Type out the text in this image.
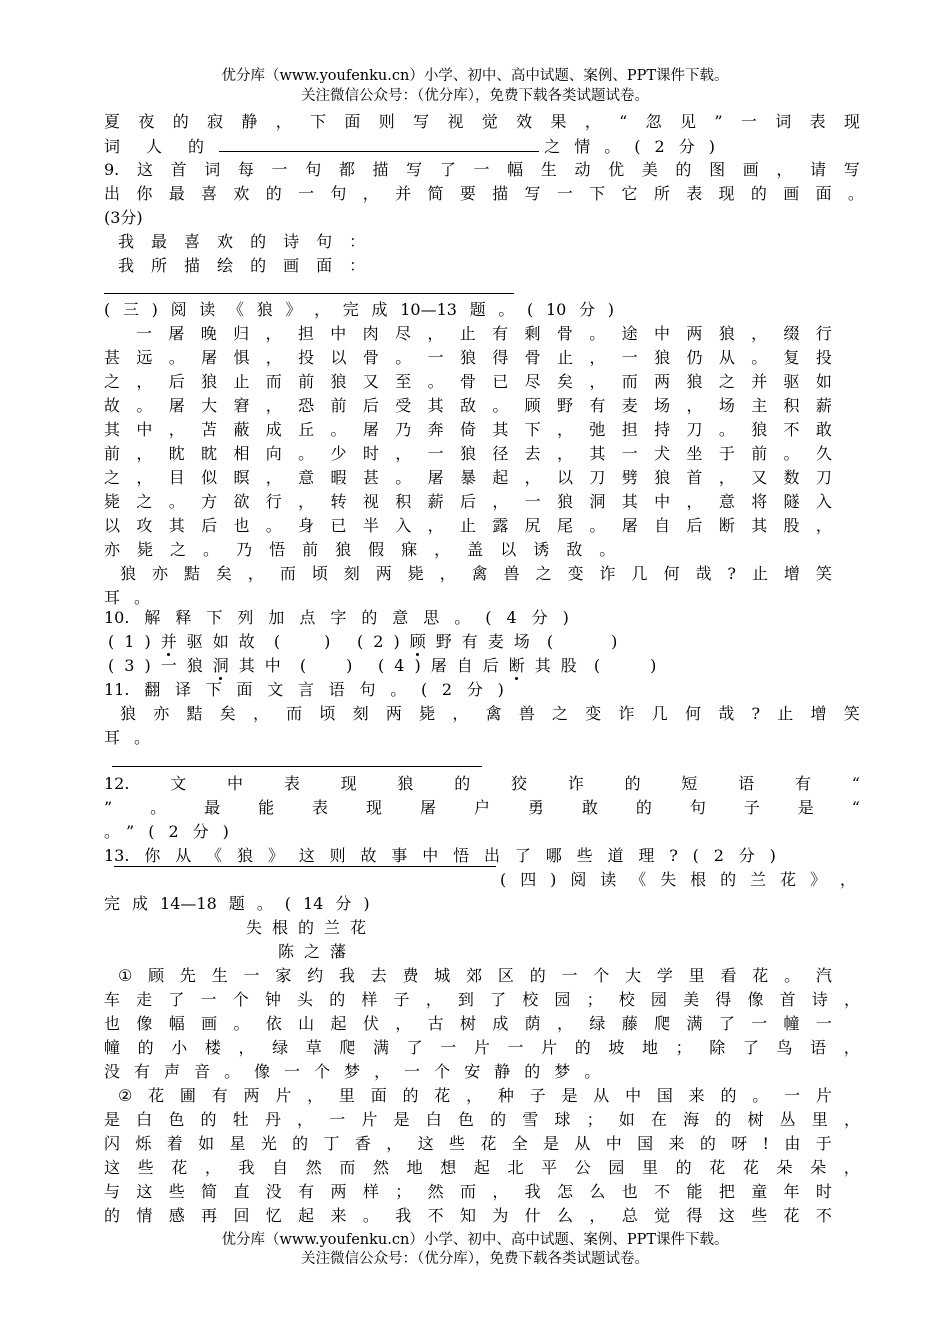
优分库（www.youfenku.cn）小学、初中、高中试题、案例、PPT课件下载。
关注微信公众号：（优分库），免费下载各类试题试卷。
夏 夜 的 寂 静 ， 下 面 则 写 视 觉 效 果 ， “ 忽 见 ” 一 词 表 现
词 人 的	之 情 。 ( 2 分 )
9. 这 首 词 每 一 句 都 描 写 了 一 幅 生 动 优 美 的 图 画 ， 请 写
出 你 最 喜 欢 的 一 句 ， 并 简 要 描 写 一 下 它 所 表 现 的 画 面 。
(3分)
我 最 喜 欢 的 诗 句 ：
我 所 描 绘 的 画 面 ：
( 三 ) 阅 读 《 狼 》 ， 完 成 10—13 题 。 ( 10 分 )
一 屠 晚 归 ， 担 中 肉 尽 ， 止 有 剩 骨 。 途 中 两 狼 ， 缀 行
甚 远 。 屠 惧 ， 投 以 骨 。 一 狼 得 骨 止 ， 一 狼 仍 从 。 复 投
之 ， 后 狼 止 而 前 狼 又 至 。 骨 已 尽 矣 ， 而 两 狼 之 并 驱 如
故 。 屠 大 窘 ， 恐 前 后 受 其 敌 。 顾 野 有 麦 场 ， 场 主 积 薪
其 中 ， 苫 蔽 成 丘 。 屠 乃 奔 倚 其 下 ， 弛 担 持 刀 。 狼 不 敢
前 ， 眈 眈 相 向 。 少 时 ， 一 狼 径 去 ， 其 一 犬 坐 于 前 。 久
之 ， 目 似 瞑 ， 意 暇 甚 。 屠 暴 起 ， 以 刀 劈 狼 首 ， 又 数 刀
毙 之 。 方 欲 行 ， 转 视 积 薪 后 ， 一 狼 洞 其 中 ， 意 将 隧 入
以 攻 其 后 也 。 身 已 半 入 ， 止 露 尻 尾 。 屠 自 后 断 其 股 ，
亦 毙 之 。 乃 悟 前 狼 假 寐 ， 盖 以 诱 敌 。
狼 亦 黠 矣 ， 而 顷 刻 两 毙 ， 禽 兽 之 变 诈 几 何 哉 ? 止 增 笑
耳 。
10. 解 释 下 列 加 点 字 的 意 思 。 ( 4 分 )
( 1 ) 并 驱 如 故 (	) ( 2 ) 顾 野 有 麦 场 (	)
( 3 ) 一 狼 洞 其 中 (	) ( 4 ) 屠 自 后 断 其 股 (	)
11. 翻 译 下 面 文 言 语 句 。 ( 2 分 )
狼 亦 黠 矣 ， 而 顷 刻 两 毙 ， 禽 兽 之 变 诈 几 何 哉 ? 止 增 笑
耳 。
12.	文	中	表	现	狼	的	狡	诈	的	短	语	有	“
” 。 最 能 表 现 屠 户 勇 敢 的 句 子 是 “
。 ” ( 2 分 )
13. 你 从 《 狼 》 这 则 故 事 中 悟 出 了 哪 些 道 理 ? ( 2 分 )
( 四 ) 阅 读 《 失 根 的 兰 花 》 ，
完 成 14—18 题 。 ( 14 分 )
失 根 的 兰 花
陈 之 藩
① 顾 先 生 一 家 约 我 去 费 城 郊 区 的 一 个 大 学 里 看 花 。 汽
车 走 了 一 个 钟 头 的 样 子 ， 到 了 校 园 ； 校 园 美 得 像 首 诗 ，
也 像 幅 画 。 依 山 起 伏 ， 古 树 成 荫 ， 绿 藤 爬 满 了 一 幢 一
幢 的 小 楼 ， 绿 草 爬 满 了 一 片 一 片 的 坡 地 ； 除 了 鸟 语 ，
没 有 声 音 。 像 一 个 梦 ， 一 个 安 静 的 梦 。
② 花 圃 有 两 片 ， 里 面 的 花 ， 种 子 是 从 中 国 来 的 。 一 片
是 白 色 的 牡 丹 ， 一 片 是 白 色 的 雪 球 ； 如 在 海 的 树 丛 里 ，
闪 烁 着 如 星 光 的 丁 香 ， 这 些 花 全 是 从 中 国 来 的 呀 ! 由 于
这 些 花 ， 我 自 然 而 然 地 想 起 北 平 公 园 里 的 花 花 朵 朵 ，
与 这 些 简 直 没 有 两 样 ； 然 而 ， 我 怎 么 也 不 能 把 童 年 时
的 情 感 再 回 忆 起 来 。 我 不 知 为 什 么 ， 总 觉 得 这 些 花 不
优分库（www.youfenku.cn）小学、初中、高中试题、案例、PPT课件下载。
关注微信公众号：（优分库），免费下载各类试题试卷。
